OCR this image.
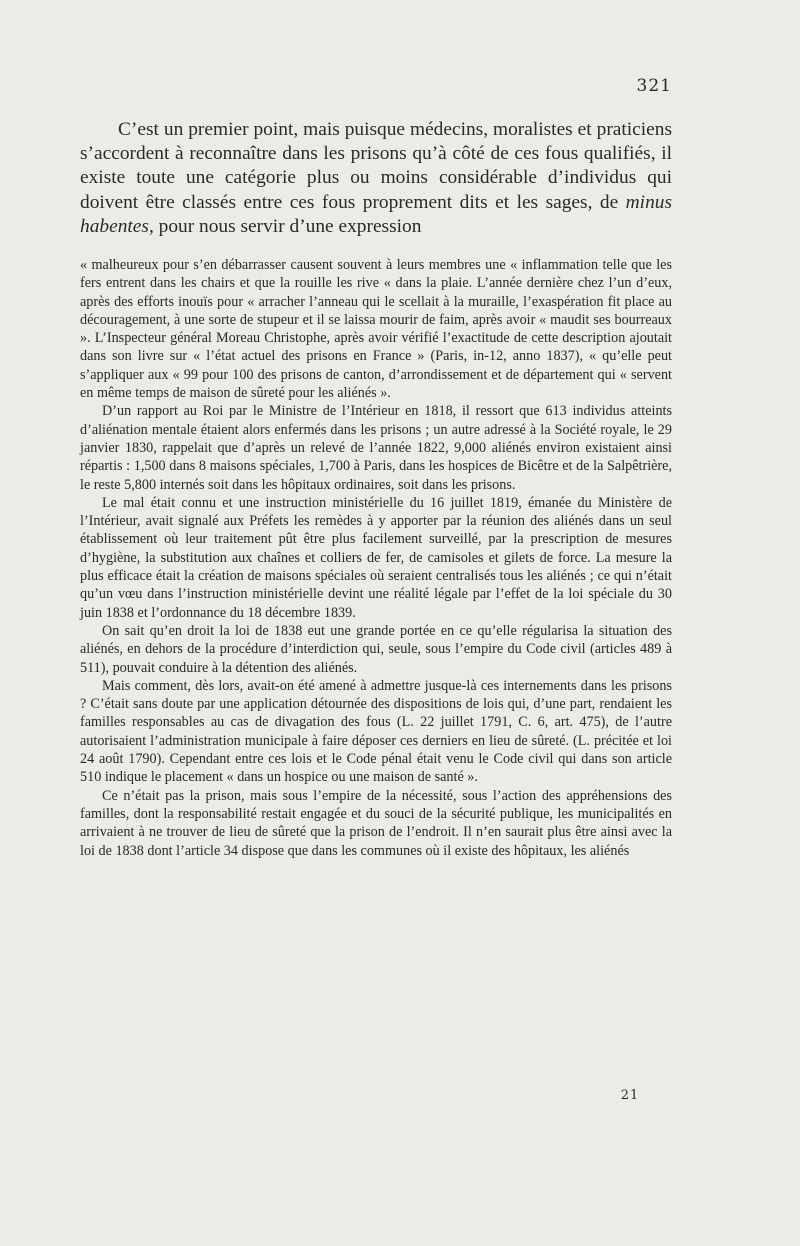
321

C’est un premier point, mais puisque médecins, moralistes et praticiens s’accordent à reconnaître dans les prisons qu’à côté de ces fous qualifiés, il existe toute une catégorie plus ou moins considérable d’individus qui doivent être classés entre ces fous proprement dits et les sages, de minus habentes, pour nous servir d’une expression

« malheureux pour s’en débarrasser causent souvent à leurs membres une « inflammation telle que les fers entrent dans les chairs et que la rouille les rive « dans la plaie. L’année dernière chez l’un d’eux, après des efforts inouïs pour « arracher l’anneau qui le scellait à la muraille, l’exaspération fit place au découragement, à une sorte de stupeur et il se laissa mourir de faim, après avoir « maudit ses bourreaux ». L’Inspecteur général Moreau Christophe, après avoir vérifié l’exactitude de cette description ajoutait dans son livre sur « l’état actuel des prisons en France » (Paris, in-12, anno 1837), « qu’elle peut s’appliquer aux « 99 pour 100 des prisons de canton, d’arrondissement et de département qui « servent en même temps de maison de sûreté pour les aliénés ».

D’un rapport au Roi par le Ministre de l’Intérieur en 1818, il ressort que 613 individus atteints d’aliénation mentale étaient alors enfermés dans les prisons ; un autre adressé à la Société royale, le 29 janvier 1830, rappelait que d’après un relevé de l’année 1822, 9,000 aliénés environ existaient ainsi répartis : 1,500 dans 8 maisons spéciales, 1,700 à Paris, dans les hospices de Bicêtre et de la Salpêtrière, le reste 5,800 internés soit dans les hôpitaux ordinaires, soit dans les prisons.

Le mal était connu et une instruction ministérielle du 16 juillet 1819, émanée du Ministère de l’Intérieur, avait signalé aux Préfets les remèdes à y apporter par la réunion des aliénés dans un seul établissement où leur traitement pût être plus facilement surveillé, par la prescription de mesures d’hygiène, la substitution aux chaînes et colliers de fer, de camisoles et gilets de force. La mesure la plus efficace était la création de maisons spéciales où seraient centralisés tous les aliénés ; ce qui n’était qu’un vœu dans l’instruction ministérielle devint une réalité légale par l’effet de la loi spéciale du 30 juin 1838 et l’ordonnance du 18 décembre 1839.

On sait qu’en droit la loi de 1838 eut une grande portée en ce qu’elle régularisa la situation des aliénés, en dehors de la procédure d’interdiction qui, seule, sous l’empire du Code civil (articles 489 à 511), pouvait conduire à la détention des aliénés.

Mais comment, dès lors, avait-on été amené à admettre jusque-là ces internements dans les prisons ? C’était sans doute par une application détournée des dispositions de lois qui, d’une part, rendaient les familles responsables au cas de divagation des fous (L. 22 juillet 1791, C. 6, art. 475), de l’autre autorisaient l’administration municipale à faire déposer ces derniers en lieu de sûreté. (L. précitée et loi 24 août 1790). Cependant entre ces lois et le Code pénal était venu le Code civil qui dans son article 510 indique le placement « dans un hospice ou une maison de santé ».

Ce n’était pas la prison, mais sous l’empire de la nécessité, sous l’action des appréhensions des familles, dont la responsabilité restait engagée et du souci de la sécurité publique, les municipalités en arrivaient à ne trouver de lieu de sûreté que la prison de l’endroit. Il n’en saurait plus être ainsi avec la loi de 1838 dont l’article 34 dispose que dans les communes où il existe des hôpitaux, les aliénés

21
